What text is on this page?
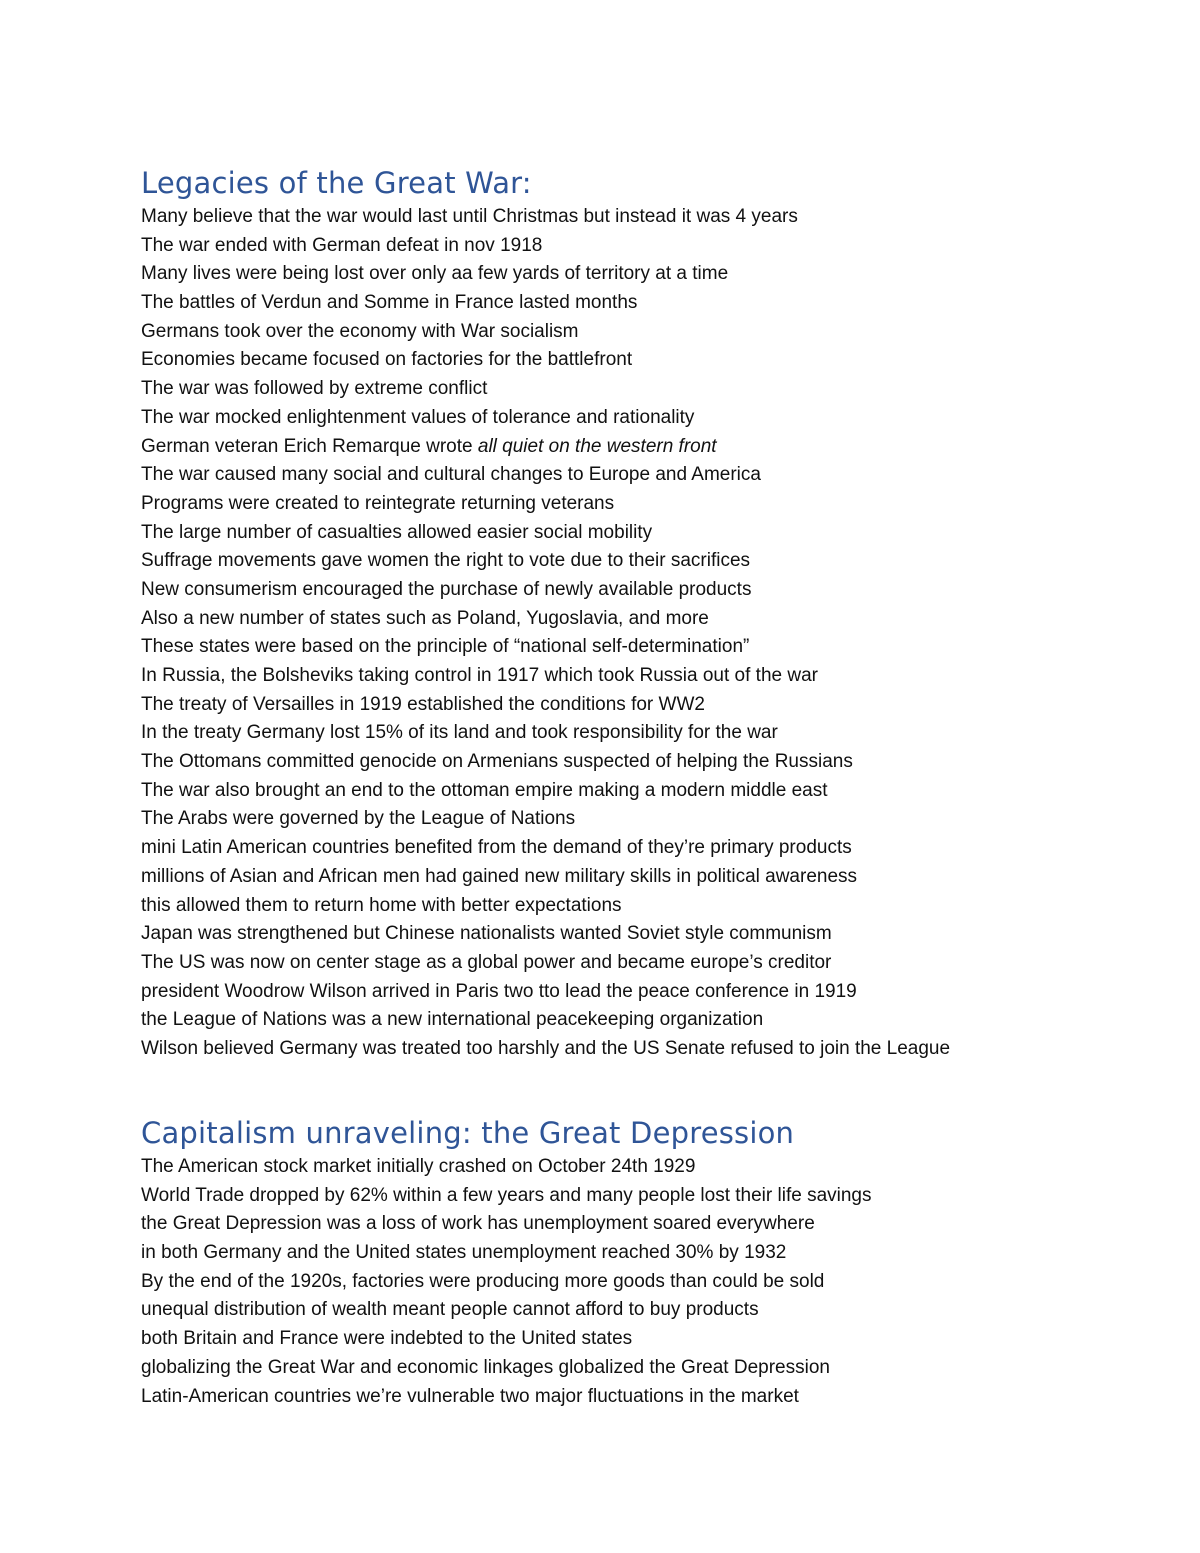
Legacies of the Great War:
Many believe that the war would last until Christmas but instead it was 4 years
The war ended with German defeat in nov 1918
Many lives were being lost over only aa few yards of territory at a time
The battles of Verdun and Somme in France lasted months
Germans took over the economy with War socialism
Economies became focused on factories for the battlefront
The war was followed by extreme conflict
The war mocked enlightenment values of tolerance and rationality
German veteran Erich Remarque wrote all quiet on the western front
The war caused many social and cultural changes to Europe and America
Programs were created to reintegrate returning veterans
The large number of casualties allowed easier social mobility
Suffrage movements gave women the right to vote due to their sacrifices
New consumerism encouraged the purchase of newly available products
Also a new number of states such as Poland, Yugoslavia, and more
These states were based on the principle of “national self-determination”
In Russia, the Bolsheviks taking control in 1917 which took Russia out of the war
The treaty of Versailles in 1919 established the conditions for WW2
In the treaty Germany lost 15% of its land and took responsibility for the war
The Ottomans committed genocide on Armenians suspected of helping the Russians
The war also brought an end to the ottoman empire making a modern middle east
The Arabs were governed by the League of Nations
mini Latin American countries benefited from the demand of they’re primary products
millions of Asian and African men had gained new military skills in political awareness
this allowed them to return home with better expectations
Japan was strengthened but Chinese nationalists wanted Soviet style communism
The US was now on center stage as a global power and became europe’s creditor
president Woodrow Wilson arrived in Paris two tto lead the peace conference in 1919
the League of Nations was a new international peacekeeping organization
Wilson believed Germany was treated too harshly and the US Senate refused to join the League
Capitalism unraveling: the Great Depression
The American stock market initially crashed on October 24th 1929
World Trade dropped by 62% within a few years and many people lost their life savings
the Great Depression was a loss of work has unemployment soared everywhere
in both Germany and the United states unemployment reached 30% by 1932
By the end of the 1920s, factories were producing more goods than could be sold
unequal distribution of wealth meant people cannot afford to buy products
both Britain and France were indebted to the United states
globalizing the Great War and economic linkages globalized the Great Depression
Latin-American countries we’re vulnerable two major fluctuations in the market
